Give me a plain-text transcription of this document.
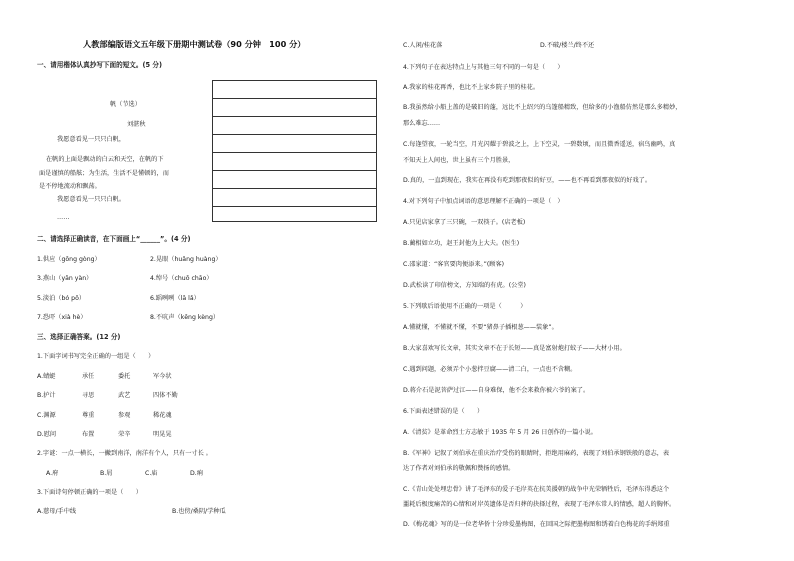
人教部编版语文五年级下册期中测试卷（90 分钟　100 分）
一、请用楷体认真抄写下面的短文。(5 分)
帆（节选）
刘湛秋
我愿意看见一只只白帆，
在帆的上面是飘动的白云和天空，在帆的下
面是谨慎的船舷；为生活，生活不是懂顿的，而
是不停地流动和飘荡。
我愿意看见一只只白帆。
……
二、请选择正确读音，在下面画上“______”。(4 分)
1.供应（gōng gòng）	2.晃眼（huǎng huàng）
3.燕山（yān yàn）	4.绰号（chuō chāo）
5.淡泊（bó pō）	6.蹈咧咧（lā lǎ）
7.恐吓（xià hè）	8.不吭声（kēng kèng）
三、选择正确答案。(12 分)
1.下面字词书写完全正确的一组是（　　）
A.蜻蜓	承任	委托	军今状
B.护计	寻思	武艺	四体不勤
C.渊源	尊重	参观	稀花魂
D.慰问	布置	荣辛	明晃晃
2.字谜：一点一横长，一撇到南洋，南洋有个人，只有一寸长 。
A.府	B.屑	C.庙	D.痢
3.下面诗句停顿正确的一项是（　　）
A.慈母/手中线	B.也傍/桑阴/学种瓜
C.人闲/桂花落	D.不破/楼兰/终不还
4.下列句子在表达特点上与其他三句不同的一句是（　　）
A.我家的桂花再香，也比不上家乡院子里的桂花。
B.我虽然给小船上盖的是破旧的蓬，远比不上绍兴的乌篷船精致，但给多的小渔船仿然是那么多精妙，
那么难忘……
C.每逢望夜，一轮当空，月光闪耀于碧波之上，上下空灵，一碧数顷，而且微香遥送，宿鸟幽鸣，真
不知天上人间也，世上虽有三个月胜景，
D.真的，一直到现在，我实在再没有吃到那夜似的好豆，——也不再看到那夜似的好戏了。
4.对下列句子中加点词语的意思理解不正确的一项是（　）
A.只见店家拿了三只碗，一双筷子。(店老板)
B.蔺相如立功，赵王封他为上大夫。(医生)
C.邵家道：“客官要肉便添来。”(顾客)
D.武松读了印信榜文，方知端的有虎。(公堂)
5.下列歇后语使用不正确的一项是（　　　）
A.懂就懂，不懂就不懂，不要“猪鼻子插根葱——装象”。
B.大家喜欢写长文章，其实文章不在于长短——真是富射炮打蚊子——大材小用。
C.遇到问题，必须弄个小葱拌豆腐——清二白，一点也不含糊。
D.蒋介石是泥菩萨过江——自身难保，他不会来救你被六爷的案了。
6.下面表述错误的是（　　）
A.《清贫》是革命烈士方志敏于 1935 年 5 月 26 日创作的一篇小说。
B.《军神》记叙了刘伯承在重庆治疗受伤的眼睛时，拒绝用麻药，表现了刘伯承钢铁般的意志，表
达了作者对刘伯承的敬佩和赞扬的感情。
C.《青山处处埋忠骨》讲了毛泽东的爱子毛岸英在抗美援朝的战争中光荣牺牲后，毛泽东得悉这个
噩耗后极度痛苦的心情和对岸英遗体是否归葬的抉择过程，表现了毛泽东常人的情感，超人的胸怀。
D.《梅花魂》写的是一位老华侨十分珍爱墨梅图，在回国之际把墨梅图和绣着白色梅花的手绢郑重
